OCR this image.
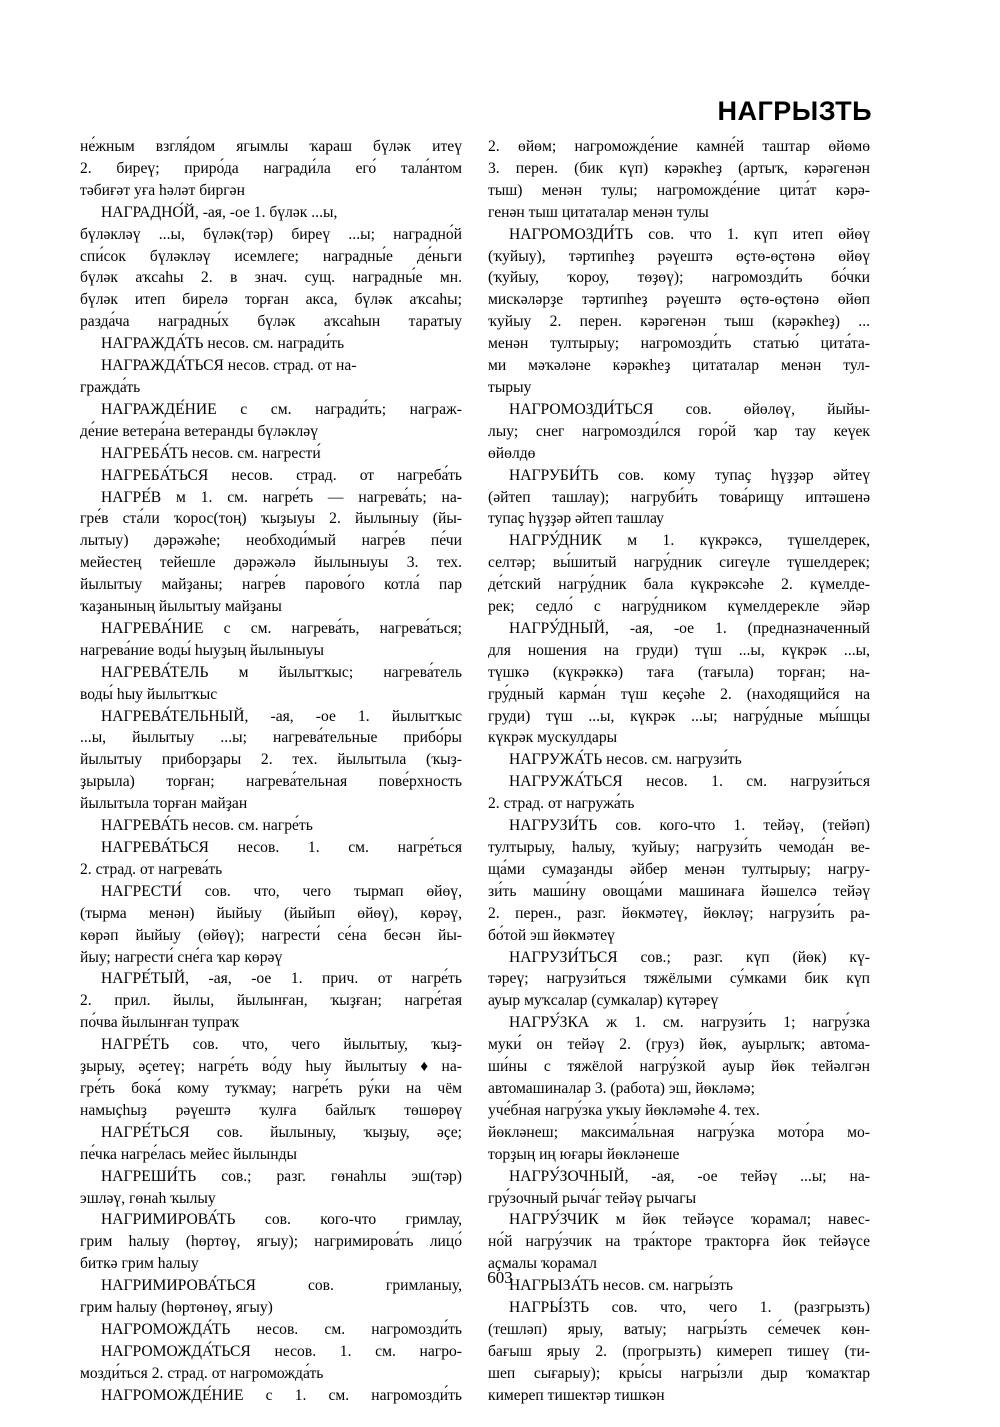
НАГРЫЗТЬ
не́жным взгля́дом ягымлы ҡараш бүләк итеү
2. биреү; приро́да награди́ла его́ тала́нтом
тәбиғәт уға һәләт биргән
НАГРАДНО́Й, -ая, -ое 1. бүләк ...ы,
бүләкләү ...ы, бүләк(тәр) биреү ...ы; наградно́й
спи́сок бүләкләү исемлеге; наградны́е де́ньги
бүләк аҡсаһы 2. в знач. сущ. наградны́е мн.
бүләк итеп бирелә торған акса, бүләк аҡсаһы;
разда́ча наградны́х бүләк аҡсаһын таратыу
НАГРАЖДА́ТЬ несов. см. награди́ть
НАГРАЖДА́ТЬСЯ несов. страд. от на-
гражда́ть
НАГРАЖДЕ́НИЕ с см. награди́ть; награж-
де́ние ветера́на ветеранды бүләкләү
НАГРЕБА́ТЬ несов. см. нагрести́
НАГРЕБА́ТЬСЯ несов. страд. от нагреба́ть
НАГРЕ́В м 1. см. нагре́ть — нагрева́ть; на-
гре́в ста́ли ҡорос(тоң) ҡыҙыуы 2. йылыныу (йы-
лытыу) дәрәжәһе; необходи́мый нагре́в пе́чи
мейестең тейешле дәрәжәлә йылыныуы 3. тех.
йылытыу майҙаны; нагре́в парово́го котла́ пар
ҡаҙанының йылытыу майҙаны
НАГРЕВА́НИЕ с см. нагрева́ть, нагрева́ться;
нагрева́ние воды́ һыуҙың йылыныуы
НАГРЕВА́ТЕЛЬ м йылытҡыс; нагрева́тель
воды́ һыу йылытҡыс
НАГРЕВА́ТЕЛЬНЫЙ, -ая, -ое 1. йылытҡыс
...ы, йылытыу ...ы; нагрева́тельные прибо́ры
йылытыу приборҙары 2. тех. йылытыла (ҡыҙ-
ҙырыла) торған; нагрева́тельная пове́рхность
йылытыла торған майҙан
НАГРЕВА́ТЬ несов. см. нагре́ть
НАГРЕВА́ТЬСЯ несов. 1. см. нагре́ться
2. страд. от нагрева́ть
НАГРЕСТИ́ сов. что, чего тырмап өйөү,
(тырма менән) йыйыу (йыйып өйөү), көрәү,
көрәп йыйыу (өйөү); нагрести́ се́на бесән йы-
йыу; нагрести́ сне́га ҡар көрәү
НАГРЕ́ТЫЙ, -ая, -ое 1. прич. от нагре́ть
2. прил. йылы, йылынған, ҡыҙған; нагре́тая
по́чва йылынған тупраҡ
НАГРЕ́ТЬ сов. что, чего йылытыу, ҡыҙ-
ҙырыу, әҫетеү; нагре́ть во́ду һыу йылытыу ♦ на-
гре́ть бока́ кому туҡмау; нагре́ть ру́ки на чём
намыҫһыҙ рәүештә ҡулға байлыҡ төшөрөү
НАГРЕ́ТЬСЯ сов. йылыныу, ҡыҙыу, әҫе;
пе́чка нагре́лась мейес йылынды
НАГРЕШИ́ТЬ сов.; разг. гөнаһлы эш(тәр)
эшләү, гөнаһ ҡылыу
НАГРИМИРОВА́ТЬ сов. кого-что гримлау,
грим һалыу (һөртөү, ягыу); нагримирова́ть лицо́
биткә грим һалыу
НАГРИМИРОВА́ТЬСЯ сов. гримланыу,
грим һалыу (һөртөнөү, ягыу)
НАГРОМОЖДА́ТЬ несов. см. нагромозди́ть
НАГРОМОЖДА́ТЬСЯ несов. 1. см. нагро-
мозди́ться 2. страд. от нагроможда́ть
НАГРОМОЖДЕ́НИЕ с 1. см. нагромозди́ть
2. өйөм; нагроможде́ние камне́й таштар өйөмө
3. перен. (бик күп) кәрәкһеҙ (артыҡ, кәрәгенән
тыш) менән тулы; нагроможде́ние цита́т кәрә-
генән тыш цитаталар менән тулы
НАГРОМОЗДИ́ТЬ сов. что 1. күп итеп өйөү
(ҡуйыу), тәртипһеҙ рәүештә өҫтө-өҫтөнә өйөү
(ҡуйыу, ҡороу, төҙөү); нагромозди́ть бо́чки
мискәләрҙе тәртипһеҙ рәүештә өҫтө-өҫтөнә өйөп
ҡуйыу 2. перен. кәрәгенән тыш (кәрәкһеҙ) ...
менән тултырыу; нагромозди́ть статью́ цита́та-
ми мәҡәләне кәрәкһеҙ цитаталар менән тул-
тырыу
НАГРОМОЗДИ́ТЬСЯ сов. өйөлөү, йыйы-
лыу; снег нагромозди́лся горо́й ҡар тау кеүек
өйөлдө
НАГРУБИ́ТЬ сов. кому тупаҫ һүҙҙәр әйтеү
(әйтеп ташлау); нагруби́ть това́рищу иптәшенә
тупаҫ һүҙҙәр әйтеп ташлау
НАГРУ́ДНИК м 1. күкрәксә, түшелдерек,
селтәр; вы́шитый нагру́дник сигеүле түшелдерек;
де́тский нагру́дник бала күкрәксәһе 2. күмелде-
рек; седло́ с нагру́дником күмелдерекле эйәр
НАГРУ́ДНЫЙ, -ая, -ое 1. (предназначенный
для ношения на груди) түш ...ы, күкрәк ...ы,
түшкә (күкрәккә) таға (тағыла) торған; на-
гру́дный карма́н түш кеҫәһе 2. (находящийся на
груди) түш ...ы, күкрәк ...ы; нагру́дные мы́шцы
күкрәк мускулдары
НАГРУЖА́ТЬ несов. см. нагрузи́ть
НАГРУЖА́ТЬСЯ несов. 1. см. нагрузи́ться
2. страд. от нагружа́ть
НАГРУЗИ́ТЬ сов. кого-что 1. тейәү, (тейәп)
тултырыу, һалыу, ҡуйыу; нагрузи́ть чемода́н ве-
ща́ми сумаҙанды әйбер менән тултырыу; нагру-
зи́ть маши́ну овоща́ми машинаға йәшелсә тейәү
2. перен., разг. йөкмәтеү, йөкләү; нагрузи́ть ра-
бо́той эш йөкмәтеү
НАГРУЗИ́ТЬСЯ сов.; разг. күп (йөк) кү-
тәреү; нагрузи́ться тяжёлыми су́мками бик күп
ауыр муҡсалар (сумкалар) күтәреү
НАГРУ́ЗКА ж 1. см. нагрузи́ть 1; нагру́зка
муки́ он тейәү 2. (груз) йөк, ауырлыҡ; автома-
ши́ны с тяжёлой нагру́зкой ауыр йөк тейәлгән
автомашиналар 3. (работа) эш, йөкләмә;
уче́бная нагру́зка уҡыу йөкләмәһе 4. тех.
йөкләнеш; максима́льная нагру́зка мото́ра мо-
торҙың иң юғары йөкләнеше
НАГРУ́ЗОЧНЫЙ, -ая, -ое тейәү ...ы; на-
гру́зочный рыча́г тейәү рычагы
НАГРУ́ЗЧИК м йөк тейәүсе ҡорамал; навес-
но́й нагру́зчик на тра́кторе тракторға йөк тейәүсе
аҫмалы ҡорамал
НАГРЫЗА́ТЬ несов. см. нагры́зть
НАГРЫ́ЗТЬ сов. что, чего 1. (разгрызть)
(тешләп) ярыу, ватыу; нагры́зть се́мечек көн-
бағыш ярыу 2. (прогрызть) кимереп тишеү (ти-
шеп сығарыу); кры́сы нагры́зли дыр ҡомаҡтар
кимереп тишектәр тишкән
603
